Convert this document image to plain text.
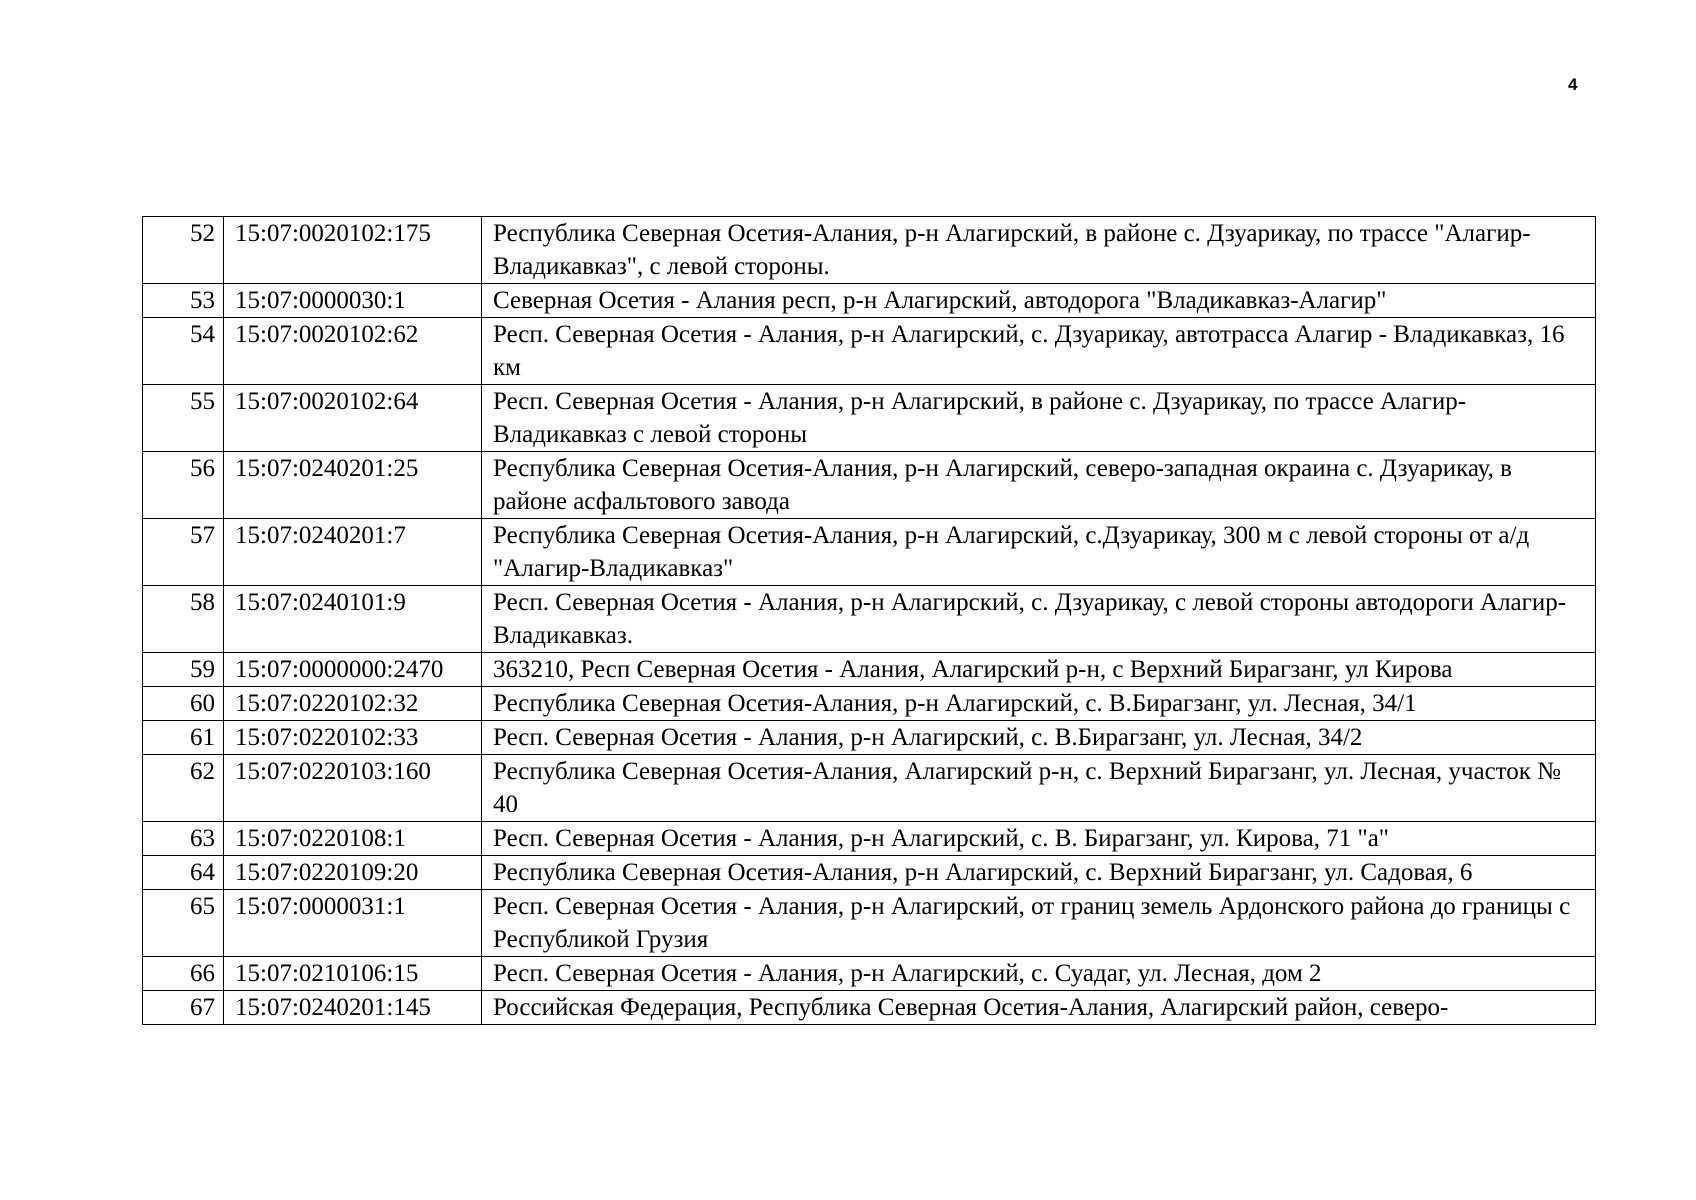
4
52	15:07:0020102:175	Республика Северная Осетия-Алания, р-н Алагирский, в районе с. Дзуарикау, по трассе "Алагир-Владикавказ", с левой стороны.
53	15:07:0000030:1	Северная Осетия - Алания респ, р-н Алагирский, автодорога "Владикавказ-Алагир"
54	15:07:0020102:62	Респ. Северная Осетия - Алания, р-н Алагирский, с. Дзуарикау, автотрасса Алагир - Владикавказ, 16 км
55	15:07:0020102:64	Респ. Северная Осетия - Алания, р-н Алагирский, в районе с. Дзуарикау, по трассе Алагир-Владикавказ с левой стороны
56	15:07:0240201:25	Республика Северная Осетия-Алания, р-н Алагирский, северо-западная окраина с. Дзуарикау, в районе асфальтового завода
57	15:07:0240201:7	Республика Северная Осетия-Алания, р-н Алагирский, с.Дзуарикау, 300 м с левой стороны от а/д "Алагир-Владикавказ"
58	15:07:0240101:9	Респ. Северная Осетия - Алания, р-н Алагирский, с. Дзуарикау, с левой стороны автодороги Алагир-Владикавказ.
59	15:07:0000000:2470	363210, Респ Северная Осетия - Алания, Алагирский р-н, с Верхний Бирагзанг, ул Кирова
60	15:07:0220102:32	Республика Северная Осетия-Алания, р-н Алагирский, с. В.Бирагзанг, ул. Лесная, 34/1
61	15:07:0220102:33	Респ. Северная Осетия - Алания, р-н Алагирский, с. В.Бирагзанг, ул. Лесная, 34/2
62	15:07:0220103:160	Республика Северная Осетия-Алания, Алагирский р-н, с. Верхний Бирагзанг, ул. Лесная, участок № 40
63	15:07:0220108:1	Респ. Северная Осетия - Алания, р-н Алагирский, с. В. Бирагзанг, ул. Кирова, 71 "а"
64	15:07:0220109:20	Республика Северная Осетия-Алания, р-н Алагирский, с. Верхний Бирагзанг, ул. Садовая, 6
65	15:07:0000031:1	Респ. Северная Осетия - Алания, р-н Алагирский, от границ земель Ардонского района до границы с Республикой Грузия
66	15:07:0210106:15	Респ. Северная Осетия - Алания, р-н Алагирский, с. Суадаг, ул. Лесная, дом 2
67	15:07:0240201:145	Российская Федерация, Республика Северная Осетия-Алания, Алагирский район, северо-
